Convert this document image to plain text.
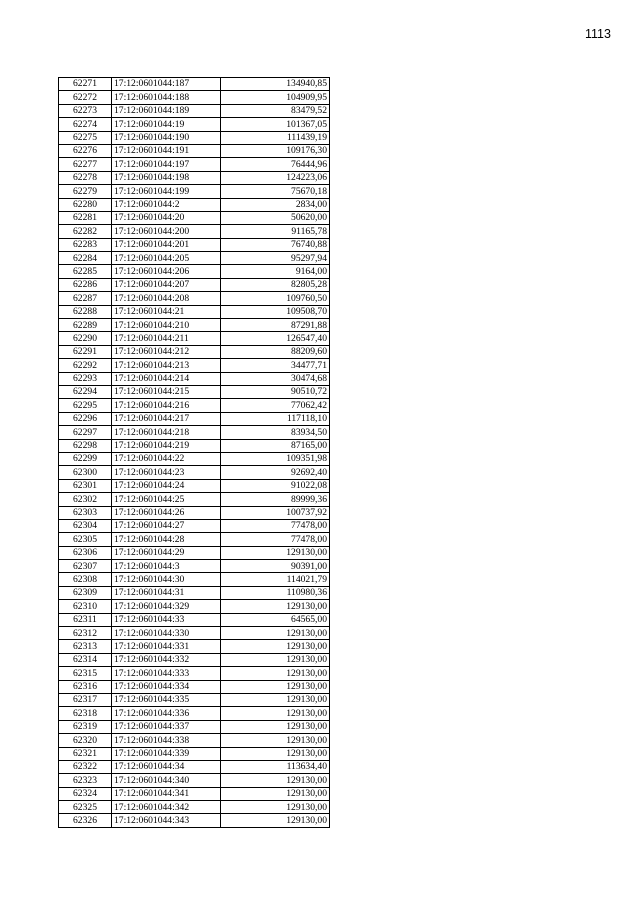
1113
62271	17:12:0601044:187	134940,85
62272	17:12:0601044:188	104909,95
62273	17:12:0601044:189	83479,52
62274	17:12:0601044:19	101367,05
62275	17:12:0601044:190	111439,19
62276	17:12:0601044:191	109176,30
62277	17:12:0601044:197	76444,96
62278	17:12:0601044:198	124223,06
62279	17:12:0601044:199	75670,18
62280	17:12:0601044:2	2834,00
62281	17:12:0601044:20	50620,00
62282	17:12:0601044:200	91165,78
62283	17:12:0601044:201	76740,88
62284	17:12:0601044:205	95297,94
62285	17:12:0601044:206	9164,00
62286	17:12:0601044:207	82805,28
62287	17:12:0601044:208	109760,50
62288	17:12:0601044:21	109508,70
62289	17:12:0601044:210	87291,88
62290	17:12:0601044:211	126547,40
62291	17:12:0601044:212	88209,60
62292	17:12:0601044:213	34477,71
62293	17:12:0601044:214	30474,68
62294	17:12:0601044:215	90510,72
62295	17:12:0601044:216	77062,42
62296	17:12:0601044:217	117118,10
62297	17:12:0601044:218	83934,50
62298	17:12:0601044:219	87165,00
62299	17:12:0601044:22	109351,98
62300	17:12:0601044:23	92692,40
62301	17:12:0601044:24	91022,08
62302	17:12:0601044:25	89999,36
62303	17:12:0601044:26	100737,92
62304	17:12:0601044:27	77478,00
62305	17:12:0601044:28	77478,00
62306	17:12:0601044:29	129130,00
62307	17:12:0601044:3	90391,00
62308	17:12:0601044:30	114021,79
62309	17:12:0601044:31	110980,36
62310	17:12:0601044:329	129130,00
62311	17:12:0601044:33	64565,00
62312	17:12:0601044:330	129130,00
62313	17:12:0601044:331	129130,00
62314	17:12:0601044:332	129130,00
62315	17:12:0601044:333	129130,00
62316	17:12:0601044:334	129130,00
62317	17:12:0601044:335	129130,00
62318	17:12:0601044:336	129130,00
62319	17:12:0601044:337	129130,00
62320	17:12:0601044:338	129130,00
62321	17:12:0601044:339	129130,00
62322	17:12:0601044:34	113634,40
62323	17:12:0601044:340	129130,00
62324	17:12:0601044:341	129130,00
62325	17:12:0601044:342	129130,00
62326	17:12:0601044:343	129130,00
